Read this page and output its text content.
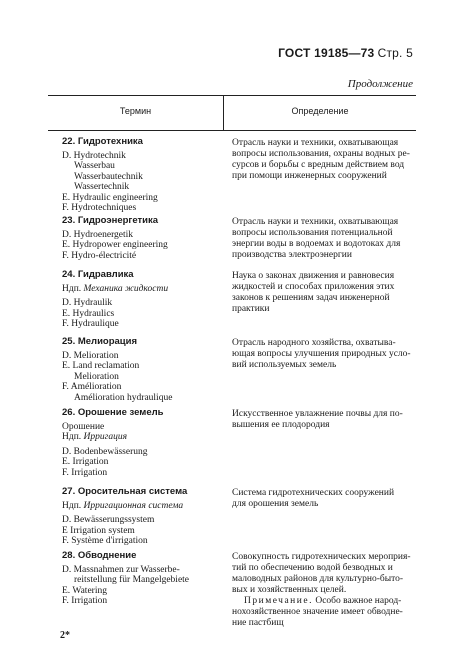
ГОСТ 19185—73 Стр. 5
Продолжение
Термин	Определение
22. Гидротехника
D. Hydrotechnik
Wasserbau
Wasserbautechnik
Wassertechnik
E. Hydraulic engineering
F. Hydrotechniques
Отрасль науки и техники, охватывающая
вопросы использования, охраны водных ре-
сурсов и борьбы с вредным действием вод
при помощи инженерных сооружений
23. Гидроэнергетика
D. Hydroenergetik
E. Hydropower engineering
F. Hydro-électricité
Отрасль науки и техники, охватывающая
вопросы использования потенциальной
энергии воды в водоемах и водотоках для
производства электроэнергии
24. Гидравлика
Ндп. Механика жидкости
D. Hydraulik
E. Hydraulics
F. Hydraulique
Наука о законах движения и равновесия
жидкостей и способах приложения этих
законов к решениям задач инженерной
практики
25. Мелиорация
D. Melioration
E. Land reclamation
Melioration
F. Amélioration
Amélioration hydraulique
Отрасль народного хозяйства, охватыва-
ющая вопросы улучшения природных усло-
вий используемых земель
26. Орошение земель
Орошение
Ндп. Ирригация
D. Bodenbewässerung
E. Irrigation
F. Irrigation
Искусственное увлажнение почвы для по-
вышения ее плодородия
27. Оросительная система
Ндп. Ирригационная система
D. Bewässerungssystem
E Irrigation system
F. Système d'irrigation
Система гидротехнических сооружений
для орошения земель
28. Обводнение
D. Massnahmen zur Wasserbe-
reitstellung für Mangelgebiete
E. Watering
F. Irrigation
Совокупность гидротехнических мероприя-
тий по обеспечению водой безводных и
маловодных районов для культурно-быто-
вых и хозяйственных целей.
Примечание. Особо важное народ-
нохозяйственное значение имеет обводне-
ние пастбищ
2*
